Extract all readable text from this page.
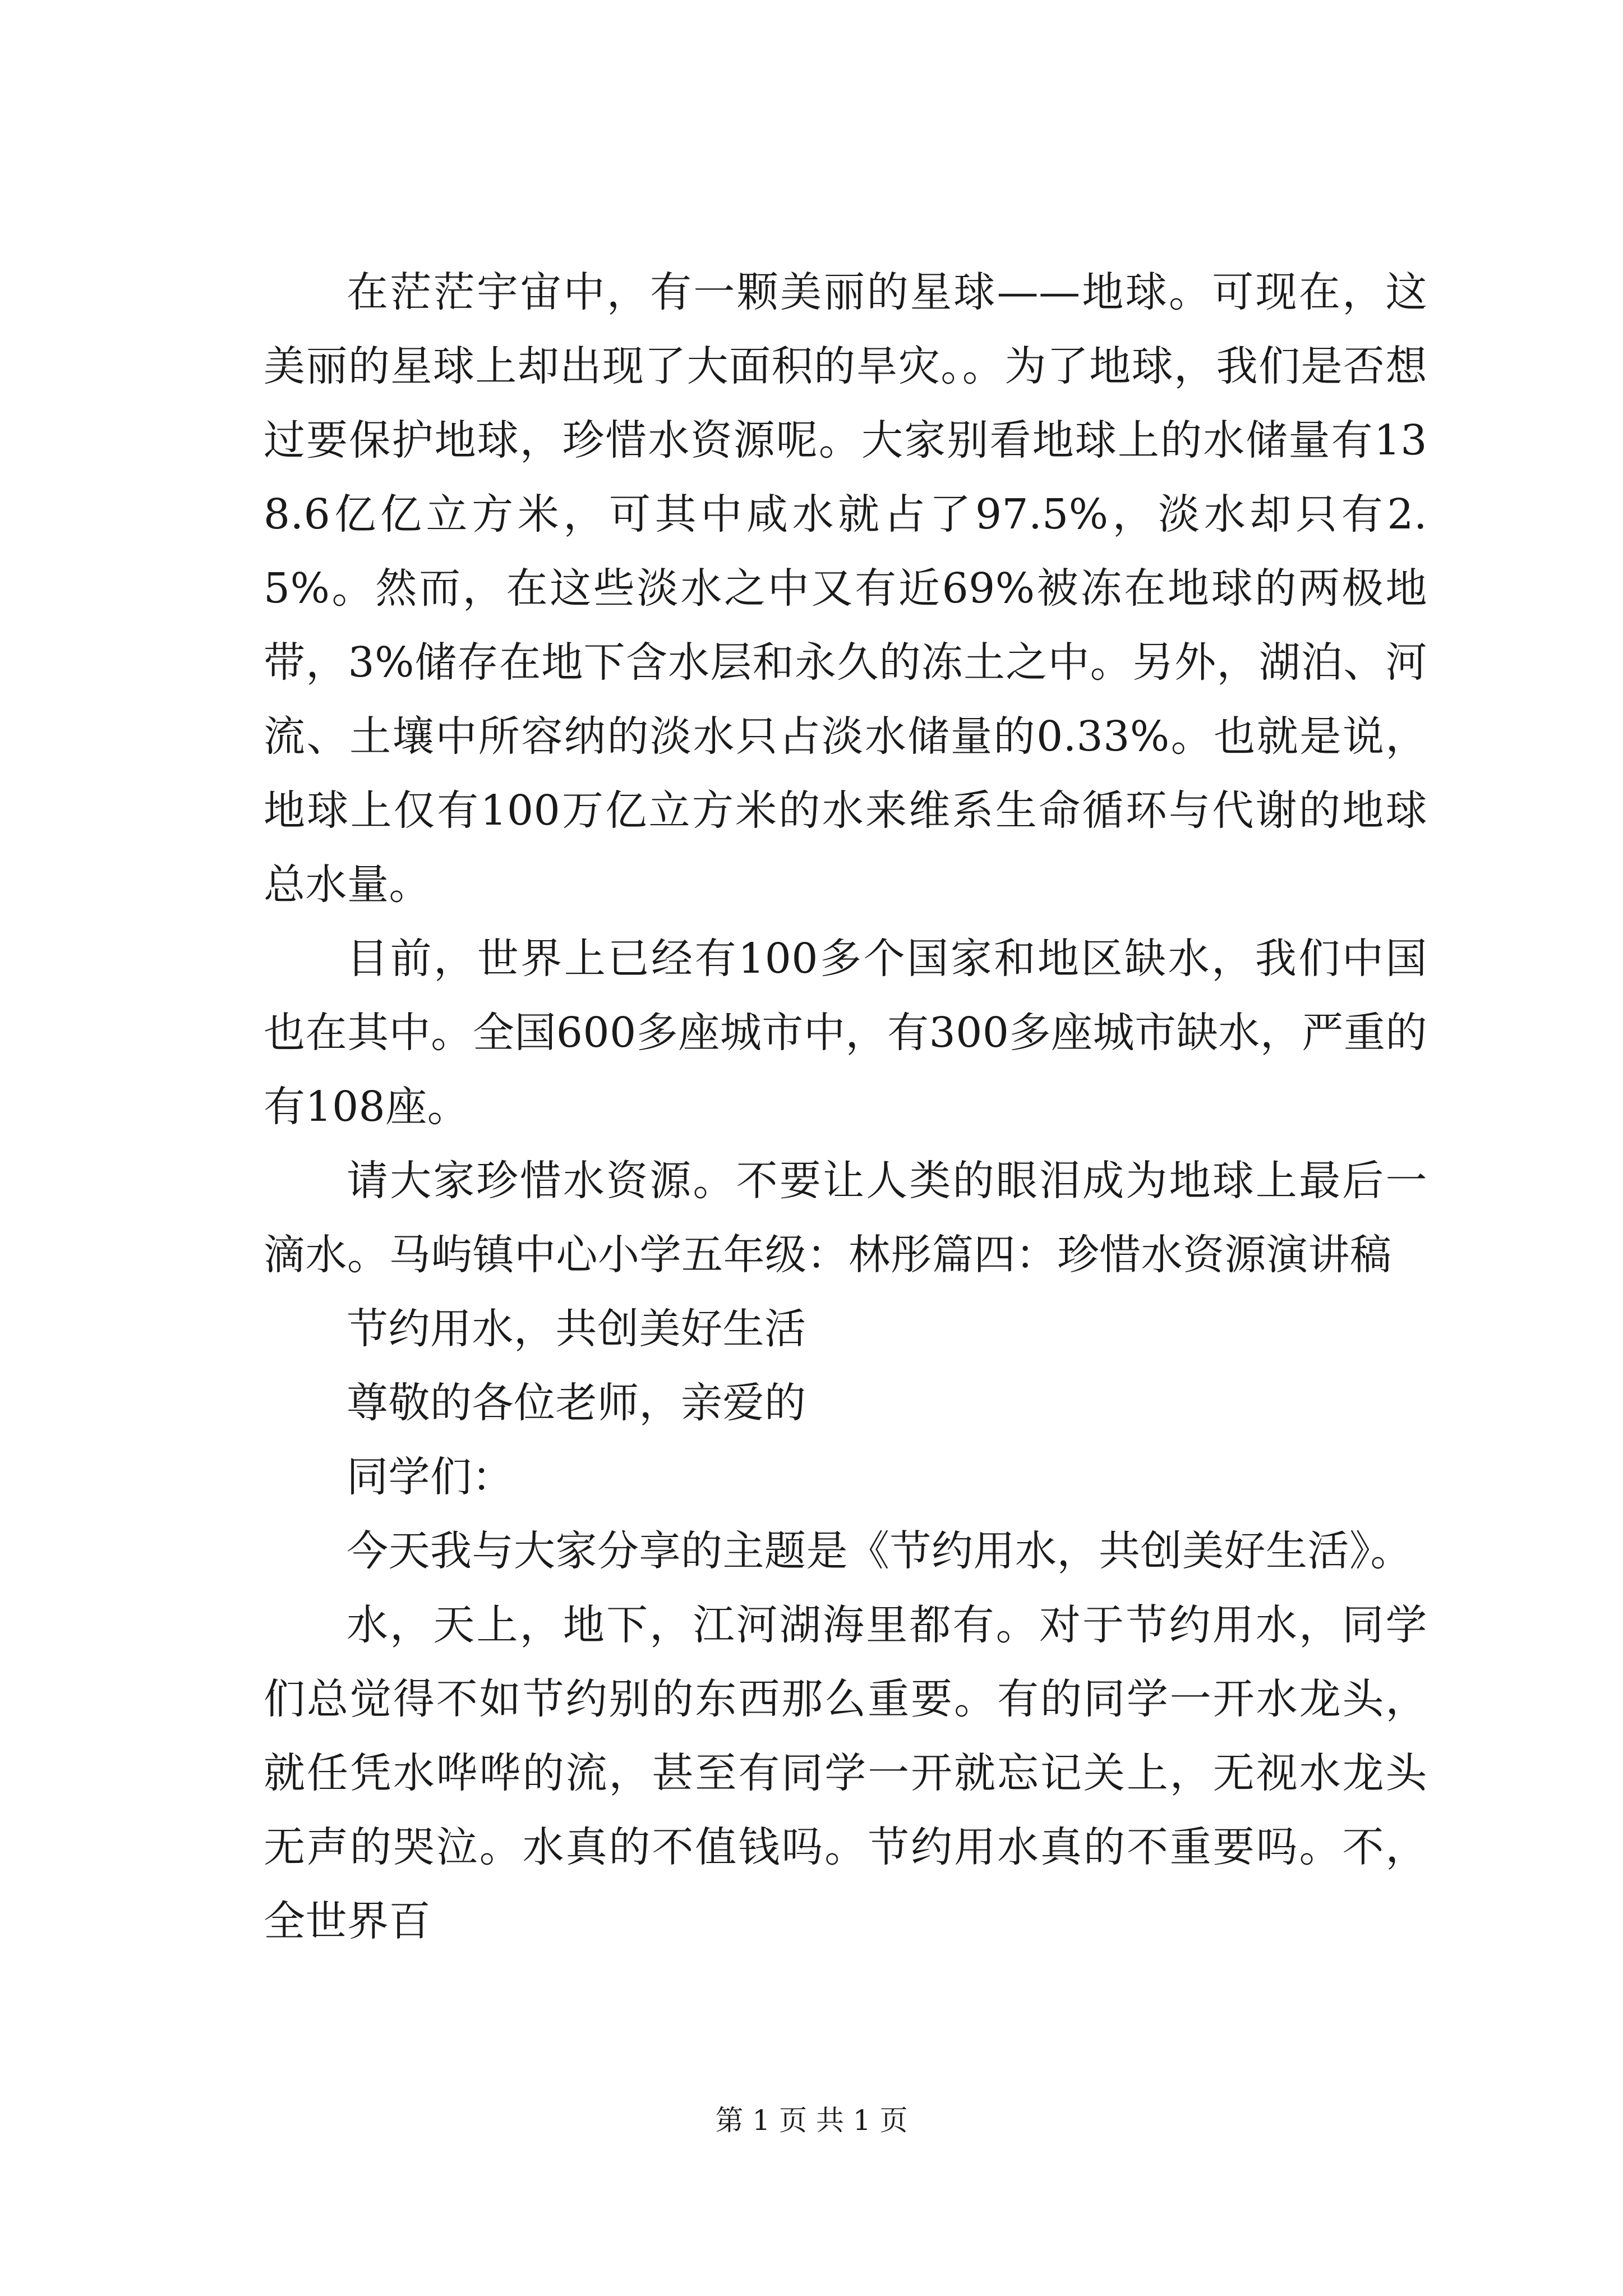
在茫茫宇宙中，有一颗美丽的星球——地球。可现在，这美丽的星球上却出现了大面积的旱灾。。为了地球，我们是否想过要保护地球，珍惜水资源呢。大家别看地球上的水储量有138.6亿亿立方米，可其中咸水就占了97.5%，淡水却只有2.5%。然而，在这些淡水之中又有近69%被冻在地球的两极地带，3%储存在地下含水层和永久的冻土之中。另外，湖泊、河流、土壤中所容纳的淡水只占淡水储量的0.33%。也就是说，地球上仅有100万亿立方米的水来维系生命循环与代谢的地球总水量。

目前，世界上已经有100多个国家和地区缺水，我们中国也在其中。全国600多座城市中，有300多座城市缺水，严重的有108座。

请大家珍惜水资源。不要让人类的眼泪成为地球上最后一滴水。马屿镇中心小学五年级：林彤篇四：珍惜水资源演讲稿

节约用水，共创美好生活

尊敬的各位老师，亲爱的

同学们：

今天我与大家分享的主题是《节约用水，共创美好生活》。

水，天上，地下，江河湖海里都有。对于节约用水，同学们总觉得不如节约别的东西那么重要。有的同学一开水龙头，就任凭水哗哗的流，甚至有同学一开就忘记关上，无视水龙头无声的哭泣。水真的不值钱吗。节约用水真的不重要吗。不，全世界百

第 1 页 共 1 页
